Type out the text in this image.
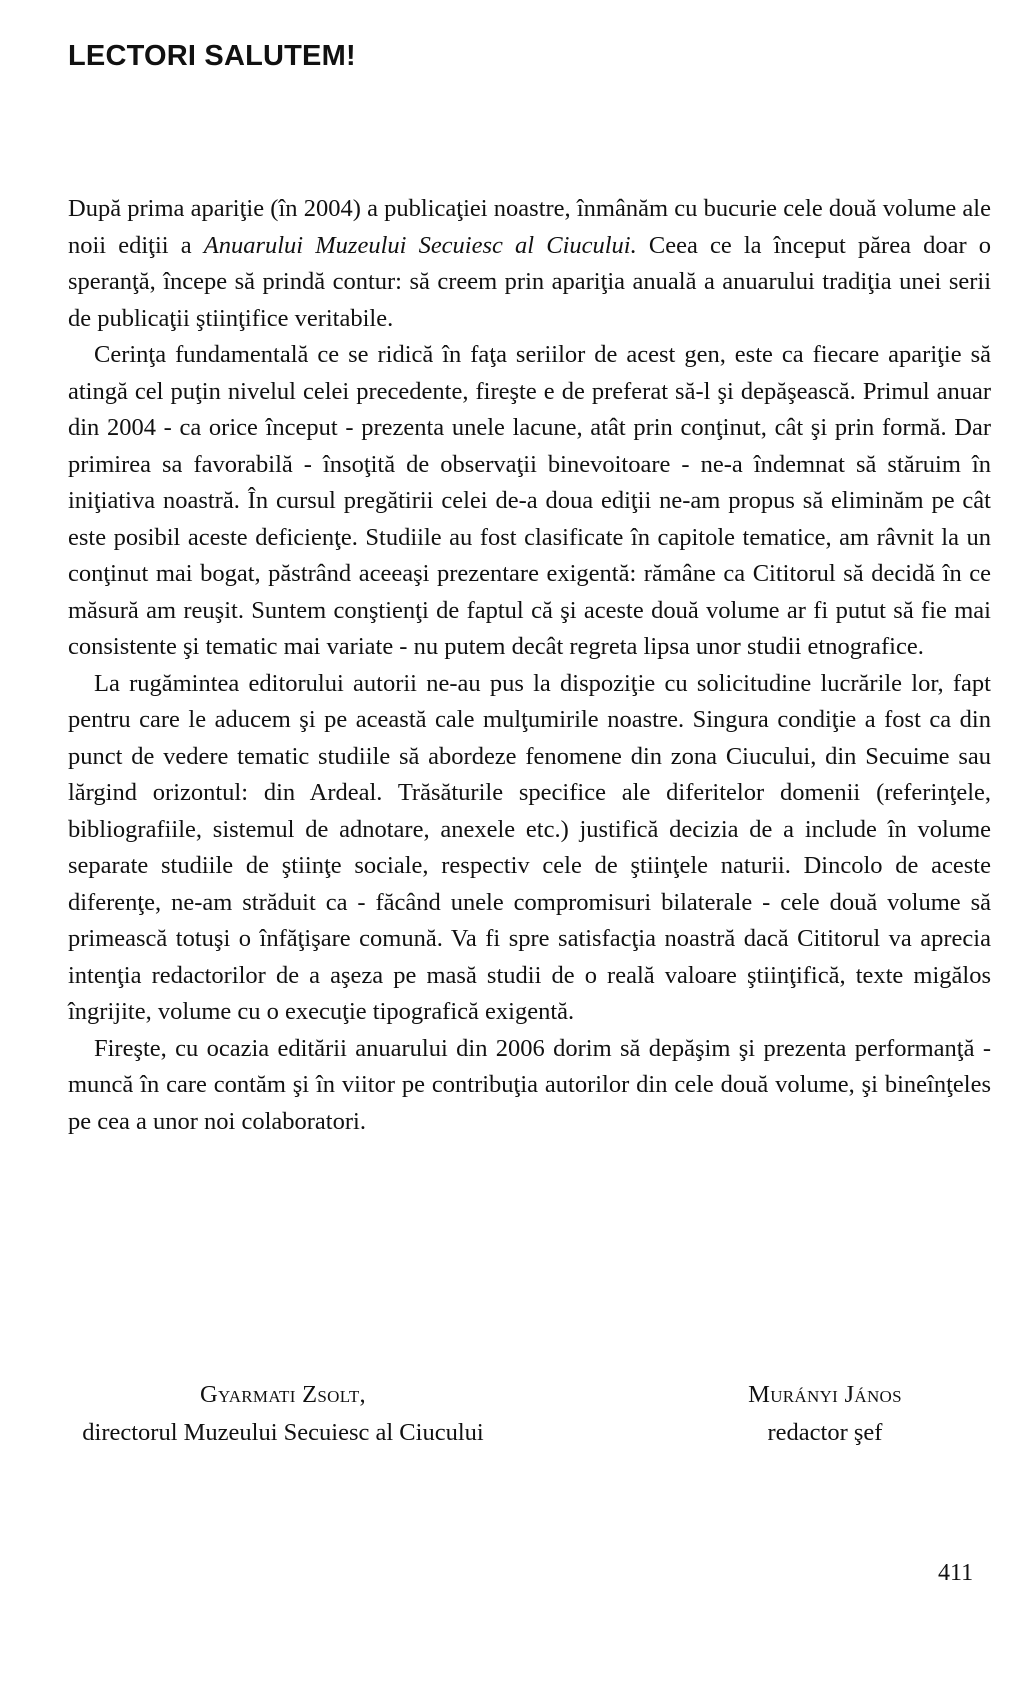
LECTORI SALUTEM!

După prima apariţie (în 2004) a publicaţiei noastre, înmânăm cu bucurie cele două volume ale noii ediţii a Anuarului Muzeului Secuiesc al Ciucului. Ceea ce la început părea doar o speranţă, începe să prindă contur: să creem prin apariţia anuală a anuarului tradiţia unei serii de publicaţii ştiinţifice veritabile.

Cerinţa fundamentală ce se ridică în faţa seriilor de acest gen, este ca fiecare apariţie să atingă cel puţin nivelul celei precedente, fireşte e de preferat să-l şi depăşească. Primul anuar din 2004 - ca orice început - prezenta unele lacune, atât prin conţinut, cât şi prin formă. Dar primirea sa favorabilă - însoţită de observaţii binevoitoare - ne-a îndemnat să stăruim în iniţiativa noastră. În cursul pregătirii celei de-a doua ediţii ne-am propus să eliminăm pe cât este posibil aceste deficienţe. Studiile au fost clasificate în capitole tematice, am râvnit la un conţinut mai bogat, păstrând aceeaşi prezentare exigentă: rămâne ca Cititorul să decidă în ce măsură am reuşit. Suntem conştienţi de faptul că şi aceste două volume ar fi putut să fie mai consistente şi tematic mai variate - nu putem decât regreta lipsa unor studii etnografice.

La rugămintea editorului autorii ne-au pus la dispoziţie cu solicitudine lucrările lor, fapt pentru care le aducem şi pe această cale mulţumirile noastre. Singura condiţie a fost ca din punct de vedere tematic studiile să abordeze fenomene din zona Ciucului, din Secuime sau lărgind orizontul: din Ardeal. Trăsăturile specifice ale diferitelor domenii (referinţele, bibliografiile, sistemul de adnotare, anexele etc.) justifică decizia de a include în volume separate studiile de ştiinţe sociale, respectiv cele de ştiinţele naturii. Dincolo de aceste diferenţe, ne-am străduit ca - făcând unele compromisuri bilaterale - cele două volume să primească totuşi o înfăţişare comună. Va fi spre satisfacţia noastră dacă Cititorul va aprecia intenţia redactorilor de a aşeza pe masă studii de o reală valoare ştiinţifică, texte migălos îngrijite, volume cu o execuţie tipografică exigentă.

Fireşte, cu ocazia editării anuarului din 2006 dorim să depăşim şi prezenta performanţă - muncă în care contăm şi în viitor pe contribuţia autorilor din cele două volume, şi bineînţeles pe cea a unor noi colaboratori.

Gyarmati Zsolt,
directorul Muzeului Secuiesc al Ciucului
Murányi János
redactor şef
411
